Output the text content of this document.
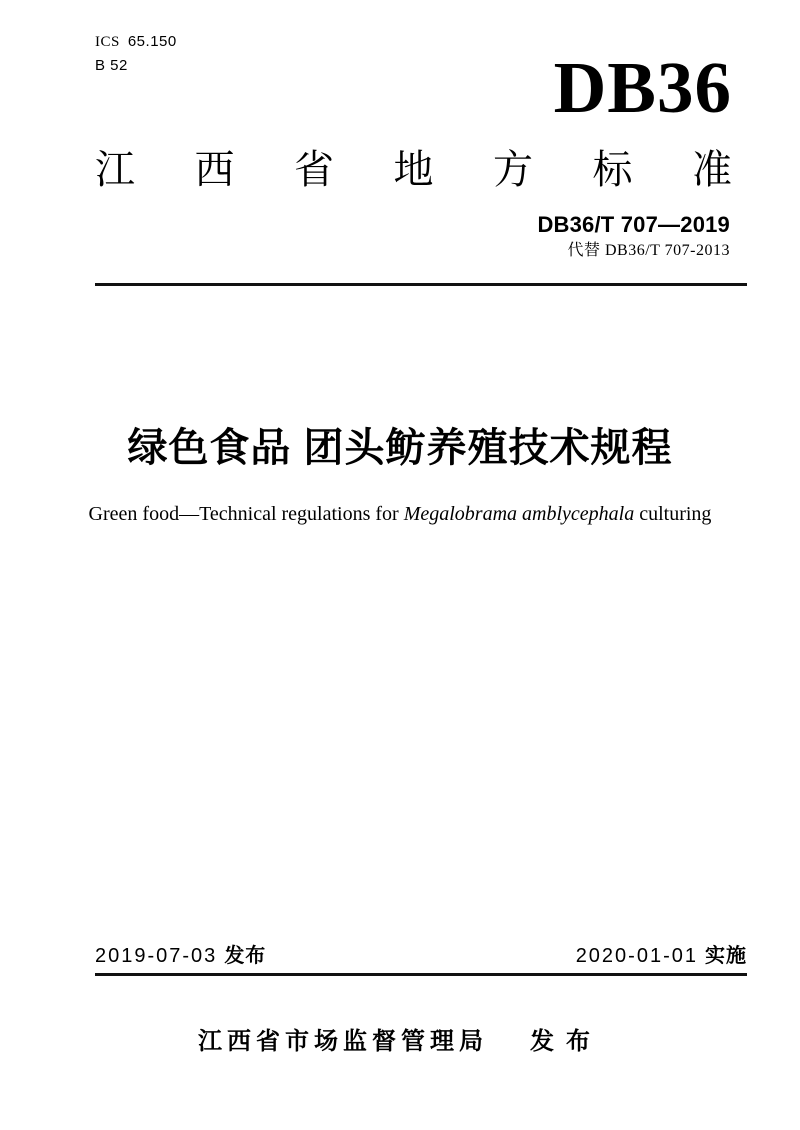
ICS 65.150
B 52	DB36
江 西 省 地 方 标 准
DB36/T 707—2019
代替 DB36/T 707-2013
绿色食品 团头鲂养殖技术规程
Green food—Technical regulations for Megalobrama amblycephala culturing
2019-07-03 发布	2020-01-01 实施
江西省市场监督管理局 发布
